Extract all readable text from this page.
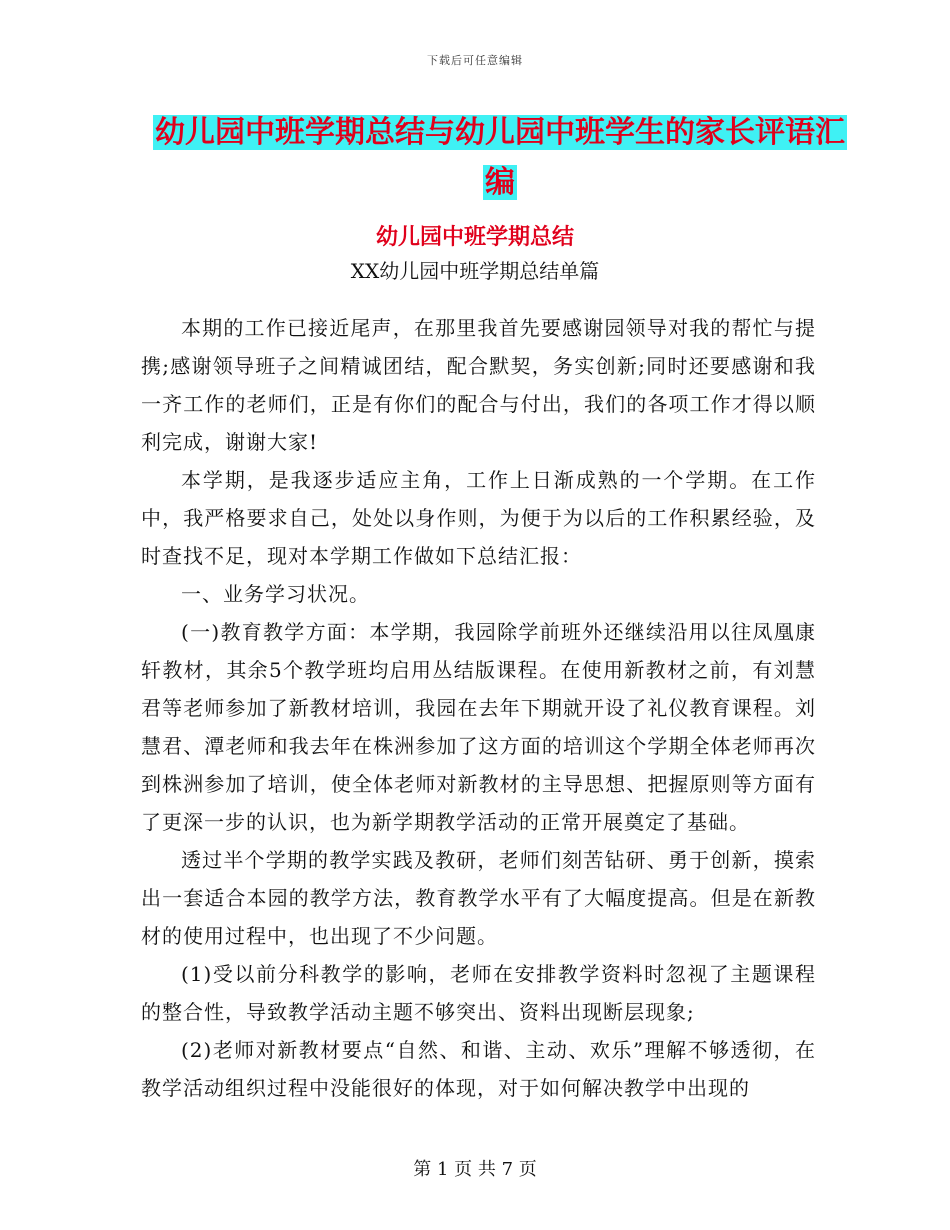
下载后可任意编辑
幼儿园中班学期总结与幼儿园中班学生的家长评语汇
编
幼儿园中班学期总结
XX幼儿园中班学期总结单篇

本期的工作已接近尾声，在那里我首先要感谢园领导对我的帮忙与提携;感谢领导班子之间精诚团结，配合默契，务实创新;同时还要感谢和我一齐工作的老师们，正是有你们的配合与付出，我们的各项工作才得以顺利完成，谢谢大家!

本学期，是我逐步适应主角，工作上日渐成熟的一个学期。在工作中，我严格要求自己，处处以身作则，为便于为以后的工作积累经验，及时查找不足，现对本学期工作做如下总结汇报：

一、业务学习状况。

(一)教育教学方面：本学期，我园除学前班外还继续沿用以往凤凰康轩教材，其余5个教学班均启用丛结版课程。在使用新教材之前，有刘慧君等老师参加了新教材培训，我园在去年下期就开设了礼仪教育课程。刘慧君、潭老师和我去年在株洲参加了这方面的培训这个学期全体老师再次到株洲参加了培训，使全体老师对新教材的主导思想、把握原则等方面有了更深一步的认识，也为新学期教学活动的正常开展奠定了基础。

透过半个学期的教学实践及教研，老师们刻苦钻研、勇于创新，摸索出一套适合本园的教学方法，教育教学水平有了大幅度提高。但是在新教材的使用过程中，也出现了不少问题。

(1)受以前分科教学的影响，老师在安排教学资料时忽视了主题课程的整合性，导致教学活动主题不够突出、资料出现断层现象;

(2)老师对新教材要点“自然、和谐、主动、欢乐”理解不够透彻，在教学活动组织过程中没能很好的体现，对于如何解决教学中出现的

第 1 页 共 7 页
